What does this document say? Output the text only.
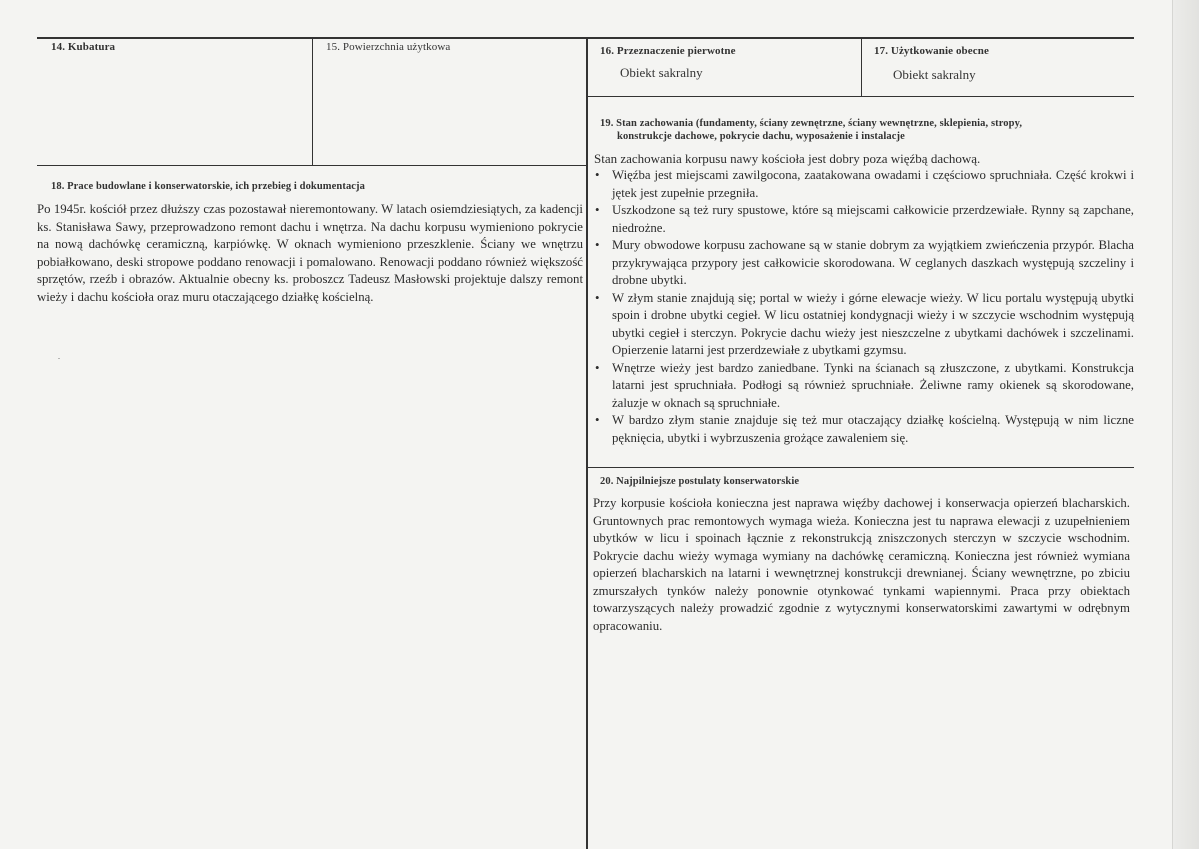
14. Kubatura	15. Powierzchnia użytkowa	16. Przeznaczenie pierwotne
Obiekt sakralny
17. Użytkowanie obecne
Obiekt sakralny
18. Prace budowlane i konserwatorskie, ich przebieg i dokumentacja
Po 1945r. kościół przez dłuższy czas pozostawał nieremontowany. W latach osiemdziesiątych, za kadencji ks. Stanisława Sawy, przeprowadzono remont dachu i wnętrza. Na dachu korpusu wymieniono pokrycie na nową dachówkę ceramiczną, karpiówkę. W oknach wymieniono przeszklenie. Ściany we wnętrzu pobiałkowano, deski stropowe poddano renowacji i pomalowano. Renowacji poddano również większość sprzętów, rzeźb i obrazów. Aktualnie obecny ks. proboszcz Tadeusz Masłowski projektuje dalszy remont wieży i dachu kościoła oraz muru otaczającego działkę kościelną.
.
19. Stan zachowania (fundamenty, ściany zewnętrzne, ściany wewnętrzne, sklepienia, stropy,
konstrukcje dachowe, pokrycie dachu, wyposażenie i instalacje
Stan zachowania korpusu nawy kościoła jest dobry poza więźbą dachową.
• Więźba jest miejscami zawilgocona, zaatakowana owadami i częściowo spruchniała. Część krokwi i jętek jest zupełnie przegniła.
• Uszkodzone są też rury spustowe, które są miejscami całkowicie przerdzewiałe. Rynny są zapchane, niedrożne.
• Mury obwodowe korpusu zachowane są w stanie dobrym za wyjątkiem zwieńczenia przypór. Blacha przykrywająca przypory jest całkowicie skorodowana. W ceglanych daszkach występują szczeliny i drobne ubytki.
• W złym stanie znajdują się; portal w wieży i górne elewacje wieży. W licu portalu występują ubytki spoin i drobne ubytki cegieł. W licu ostatniej kondygnacji wieży i w szczycie wschodnim występują ubytki cegieł i sterczyn. Pokrycie dachu wieży jest nieszczelne z ubytkami dachówek i szczelinami. Opierzenie latarni jest przerdzewiałe z ubytkami gzymsu.
• Wnętrze wieży jest bardzo zaniedbane. Tynki na ścianach są złuszczone, z ubytkami. Konstrukcja latarni jest spruchniała. Podłogi są również spruchniałe. Żeliwne ramy okienek są skorodowane, żaluzje w oknach są spruchniałe.
• W bardzo złym stanie znajduje się też mur otaczający działkę kościelną. Występują w nim liczne pęknięcia, ubytki i wybrzuszenia grożące zawaleniem się.
20. Najpilniejsze postulaty konserwatorskie
Przy korpusie kościoła konieczna jest naprawa więźby dachowej i konserwacja opierzeń blacharskich. Gruntownych prac remontowych wymaga wieża. Konieczna jest tu naprawa elewacji z uzupełnieniem ubytków w licu i spoinach łącznie z rekonstrukcją zniszczonych sterczyn w szczycie wschodnim. Pokrycie dachu wieży wymaga wymiany na dachówkę ceramiczną. Konieczna jest również wymiana opierzeń blacharskich na latarni i wewnętrznej konstrukcji drewnianej. Ściany wewnętrzne, po zbiciu zmurszałych tynków należy ponownie otynkować tynkami wapiennymi. Praca przy obiektach towarzyszących należy prowadzić zgodnie z wytycznymi konserwatorskimi zawartymi w odrębnym opracowaniu.
